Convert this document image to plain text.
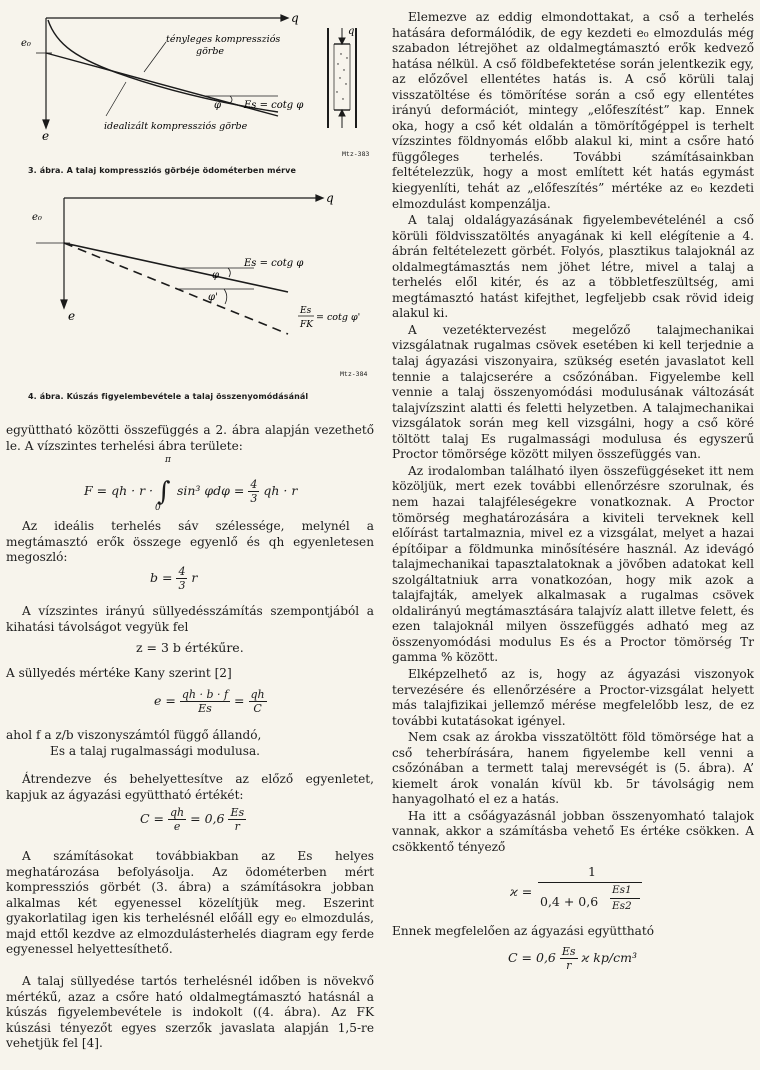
q
e
e₀	tényleges kompressziós
görbe
idealizált kompressziós görbe
φ Es = cotg φ
q
Mtz-383
3. ábra. A talaj kompressziós görbéje ödométerben mérve
q
e
e₀
φ
φ'
Es = cotg φ
Es
FK
= cotg φ'
Mtz-384
4. ábra. Kúszás figyelembevétele a talaj összenyomódásánál

együttható közötti összefüggés a 2. ábra alapján vezethető le. A vízszintes terhelési ábra területe:

F = qh · r ·
π
∫
0
sin³ $\varphi d\varphi = \frac{4}{3}$ qh · r

Az ideális terhelés sáv szélessége, melynél a megtámasztó erők összege egyenlő és qh egyenletesen megoszló:

$b = \frac{4}{3}$ r

A vízszintes irányú süllyedésszámítás szempontjából a kihatási távolságot vegyük fel

z = 3 b értékűre.

A süllyedés mértéke Kany szerint [2]

$e = \frac{qh \cdot b \cdot f}{Es} = \frac{qh}{C}$

ahol f a z/b viszonyszámtól függő állandó,

Es a talaj rugalmassági modulusa.

Átrendezve és behelyettesítve az előző egyenletet, kapjuk az ágyazási együttható értékét:

$C = \frac{qh}{e} = 0,6 \frac{Es}{r}$

A számításokat továbbiakban az Es helyes meghatározása befolyásolja. Az ödométerben mért kompressziós görbét (3. ábra) a számításokra jobban alkalmas két egyenessel közelítjük meg. Eszerint gyakorlatilag igen kis terhelésnél előáll egy e₀ elmozdulás, majd ettől kezdve az elmozdulásterhelés diagram egy ferde egyenessel helyettesíthető.

A talaj süllyedése tartós terhelésnél időben is növekvő mértékű, azaz a csőre ható oldalmegtámasztó hatásnál a kúszás figyelembevétele is indokolt ((4. ábra). Az FK kúszási tényezőt egyes szerzők javaslata alapján 1,5-re vehetjük fel [4].

Elemezve az eddig elmondottakat, a cső a terhelés hatására deformálódik, de egy kezdeti e₀ elmozdulás még szabadon létrejöhet az oldalmegtámasztó erők kedvező hatása nélkül. A cső földbefektetése során jelentkezik egy, az előzővel ellentétes hatás is. A cső körüli talaj visszatöltése és tömörítése során a cső egy ellentétes irányú deformációt, mintegy „előfeszítést” kap. Ennek oka, hogy a cső két oldalán a tömörítőgéppel is terhelt vízszintes földnyomás előbb alakul ki, mint a csőre ható függőleges terhelés. További számításainkban feltételezzük, hogy a most említett két hatás egymást kiegyenlíti, tehát az „előfeszítés” mértéke az e₀ kezdeti elmozdulást kompenzálja.

A talaj oldalágyazásának figyelembevételénél a cső körüli földvisszatöltés anyagának ki kell elégítenie a 4. ábrán feltételezett görbét. Folyós, plasztikus talajoknál az oldalmegtámasztás nem jöhet létre, mivel a talaj a terhelés elől kitér, és az a többletfeszültség, ami megtámasztó hatást kifejthet, legfeljebb csak rövid ideig alakul ki.

A vezetéktervezést megelőző talajmechanikai vizsgálatnak rugalmas csövek esetében ki kell terjednie a talaj ágyazási viszonyaira, szükség esetén javaslatot kell tennie a talajcserére a csőzónában. Figyelembe kell vennie a talaj összenyomódási modulusának változását talajvízszint alatti és feletti helyzetben. A talajmechanikai vizsgálatok során meg kell vizsgálni, hogy a cső köré töltött talaj Es rugalmassági modulusa és egyszerű Proctor tömörsége között milyen összefüggés van.

Az irodalomban található ilyen összefüggéseket itt nem közöljük, mert ezek további ellenőrzésre szorulnak, és nem hazai talajféleségekre vonatkoznak. A Proctor tömörség meghatározására a kiviteli terveknek kell előírást tartalmaznia, mivel ez a vizsgálat, melyet a hazai építőipar a földmunka minősítésére használ. Az idevágó talajmechanikai tapasztalatoknak a jövőben adatokat kell szolgáltatniuk arra vonatkozóan, hogy mik azok a talajfajták, amelyek alkalmasak a rugalmas csövek oldalirányú megtámasztására talajvíz alatt illetve felett, és ezen talajoknál milyen összefüggés adható meg az összenyomódási modulus Es és a Proctor tömörség Tr gamma % között.

Elképzelhető az is, hogy az ágyazási viszonyok tervezésére és ellenőrzésére a Proctor-vizsgálat helyett más talajfizikai jellemző mérése megfelelőbb lesz, de ez további kutatásokat igényel.

Nem csak az árokba visszatöltött föld tömörsége hat a cső teherbírására, hanem figyelembe kell venni a csőzónában a termett talaj merevségét is (5. ábra). A’ kiemelt árok vonalán kívül kb. 5r távolságig nem hanyagolható el ez a hatás.

Ha itt a csőágyazásnál jobban összenyomható talajok vannak, akkor a számításba vehető Es értéke csökken. A csökkentő tényező

ϰ =
1
0,4 + 0,6
Es1
Es2

Ennek megfelelően az ágyazási együttható

$C = 0,6 \frac{Es}{r}$ ϰ kp/cm³
